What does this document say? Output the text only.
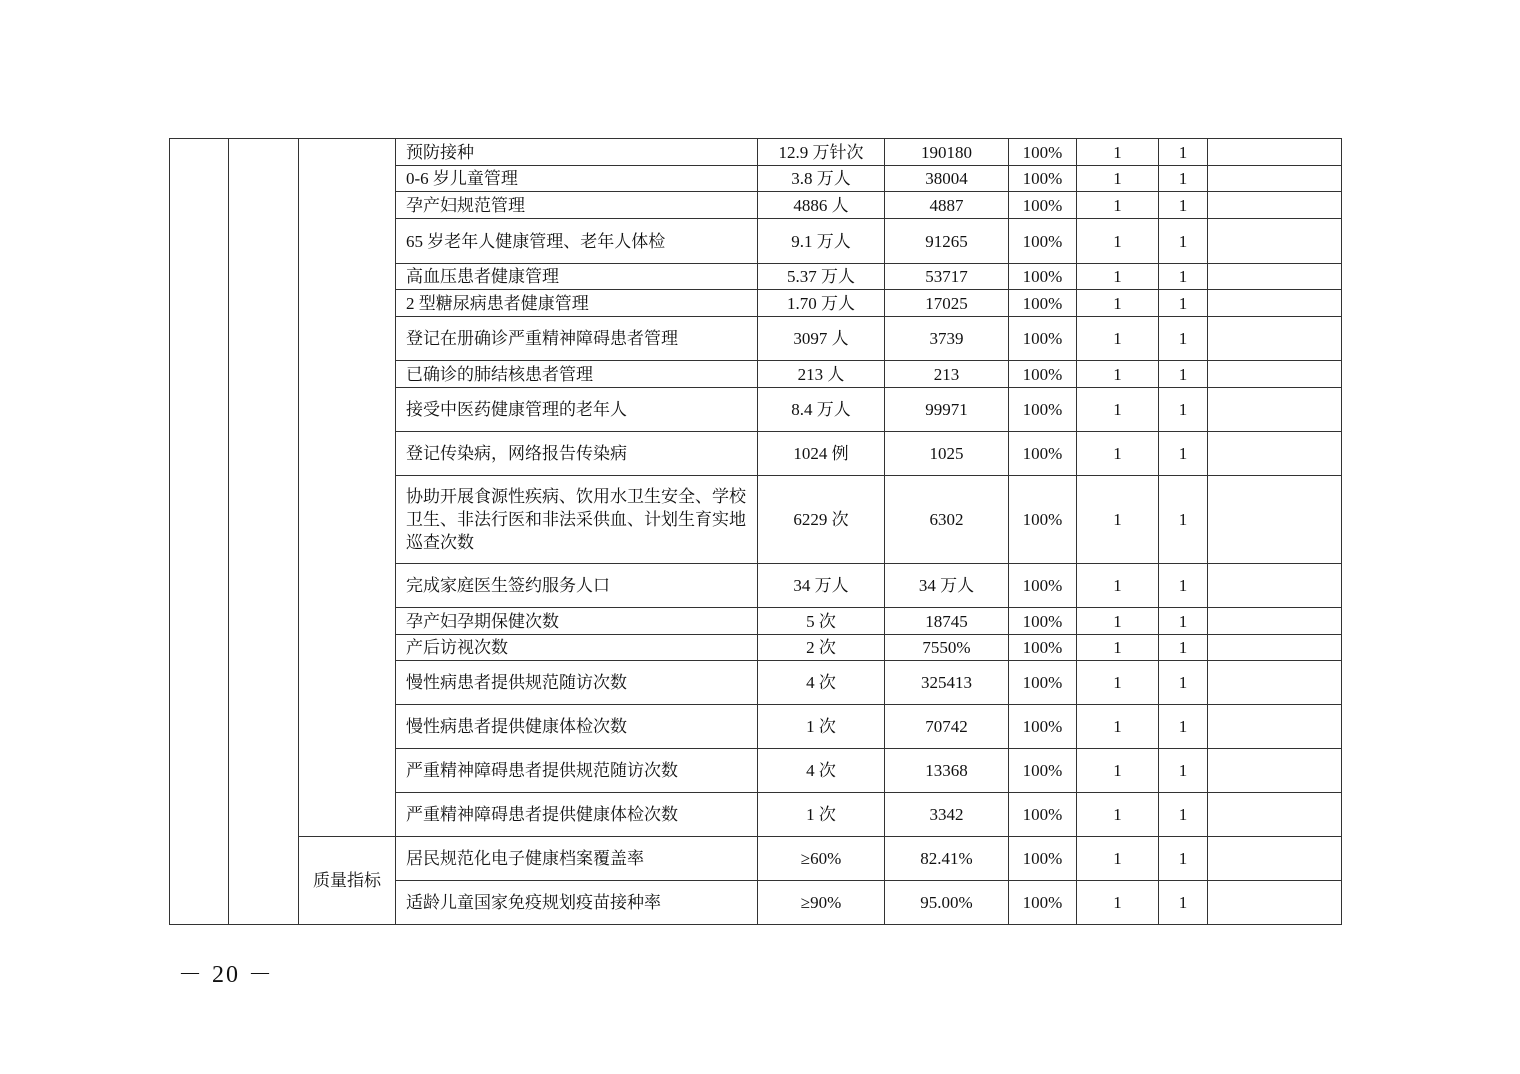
			预防接种	12.9 万针次	190180	100%	1	1	
			0-6 岁儿童管理	3.8 万人	38004	100%	1	1	
			孕产妇规范管理	4886 人	4887	100%	1	1	
			65 岁老年人健康管理、老年人体检	9.1 万人	91265	100%	1	1	
			高血压患者健康管理	5.37 万人	53717	100%	1	1	
			2 型糖尿病患者健康管理	1.70 万人	17025	100%	1	1	
			登记在册确诊严重精神障碍患者管理	3097 人	3739	100%	1	1	
			已确诊的肺结核患者管理	213 人	213	100%	1	1	
			接受中医药健康管理的老年人	8.4 万人	99971	100%	1	1	
			登记传染病，网络报告传染病	1024 例	1025	100%	1	1	
			协助开展食源性疾病、饮用水卫生安全、学校卫生、非法行医和非法采供血、计划生育实地巡查次数	6229 次	6302	100%	1	1	
			完成家庭医生签约服务人口	34 万人	34 万人	100%	1	1	
			孕产妇孕期保健次数	5 次	18745	100%	1	1	
			产后访视次数	2 次	7550%	100%	1	1	
			慢性病患者提供规范随访次数	4 次	325413	100%	1	1	
			慢性病患者提供健康体检次数	1 次	70742	100%	1	1	
			严重精神障碍患者提供规范随访次数	4 次	13368	100%	1	1	
			严重精神障碍患者提供健康体检次数	1 次	3342	100%	1	1	
		质量指标	居民规范化电子健康档案覆盖率	≥60%	82.41%	100%	1	1	
			适龄儿童国家免疫规划疫苗接种率	≥90%	95.00%	100%	1	1	
－ 20 －
